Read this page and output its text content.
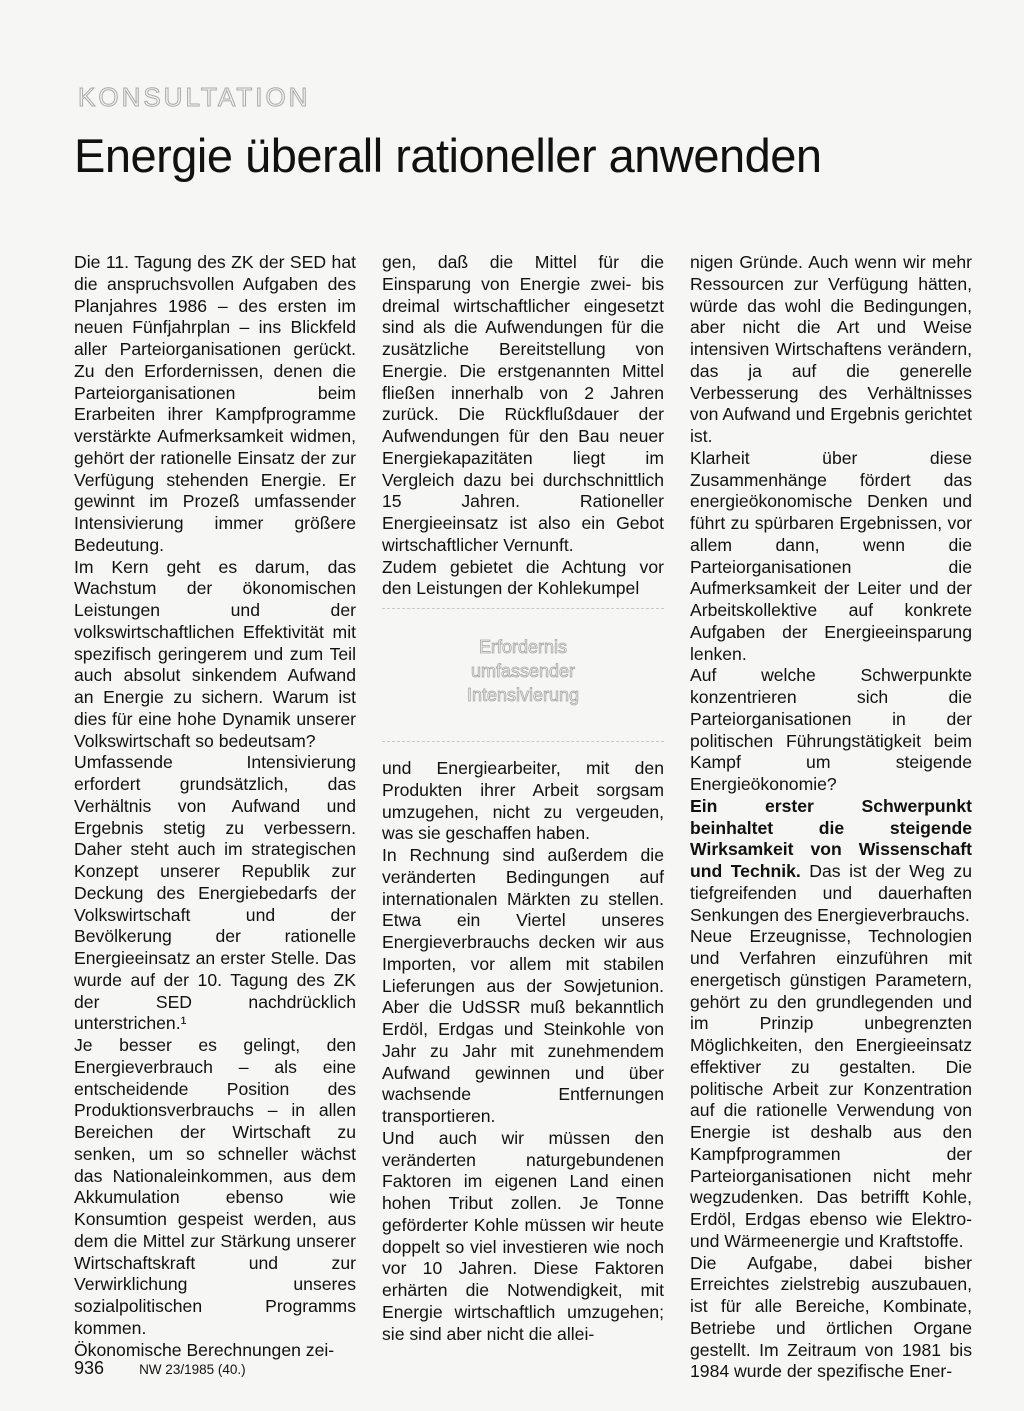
KONSULTATION
Energie überall rationeller anwenden

Die 11. Tagung des ZK der SED hat die anspruchsvollen Aufgaben des Planjahres 1986 – des ersten im neuen Fünfjahrplan – ins Blickfeld aller Parteiorganisationen gerückt. Zu den Erfordernissen, denen die Parteiorganisationen beim Erarbeiten ihrer Kampfprogramme verstärkte Aufmerksamkeit widmen, gehört der rationelle Einsatz der zur Verfügung stehenden Energie. Er gewinnt im Prozeß umfassender Intensivierung immer größere Bedeutung.

Im Kern geht es darum, das Wachstum der ökonomischen Leistungen und der volkswirtschaftlichen Effektivität mit spezifisch geringerem und zum Teil auch absolut sinkendem Aufwand an Energie zu sichern. Warum ist dies für eine hohe Dynamik unserer Volkswirtschaft so bedeutsam?

Umfassende Intensivierung erfordert grundsätzlich, das Verhältnis von Aufwand und Ergebnis stetig zu verbessern. Daher steht auch im strategischen Konzept unserer Republik zur Deckung des Energiebedarfs der Volkswirtschaft und der Bevölkerung der rationelle Energieeinsatz an erster Stelle. Das wurde auf der 10. Tagung des ZK der SED nachdrücklich unterstrichen.¹

Je besser es gelingt, den Energieverbrauch – als eine entscheidende Position des Produktionsverbrauchs – in allen Bereichen der Wirtschaft zu senken, um so schneller wächst das Nationaleinkommen, aus dem Akkumulation ebenso wie Konsumtion gespeist werden, aus dem die Mittel zur Stärkung unserer Wirtschaftskraft und zur Verwirklichung unseres sozialpolitischen Programms kommen.

Ökonomische Berechnungen zei-

gen, daß die Mittel für die Einsparung von Energie zwei- bis dreimal wirtschaftlicher eingesetzt sind als die Aufwendungen für die zusätzliche Bereitstellung von Energie. Die erstgenannten Mittel fließen innerhalb von 2 Jahren zurück. Die Rückflußdauer der Aufwendungen für den Bau neuer Energiekapazitäten liegt im Vergleich dazu bei durchschnittlich 15 Jahren. Rationeller Energieeinsatz ist also ein Gebot wirtschaftlicher Vernunft.

Zudem gebietet die Achtung vor den Leistungen der Kohlekumpel

Erfordernis
umfassender
Intensivierung

und Energiearbeiter, mit den Produkten ihrer Arbeit sorgsam umzugehen, nicht zu vergeuden, was sie geschaffen haben.

In Rechnung sind außerdem die veränderten Bedingungen auf internationalen Märkten zu stellen. Etwa ein Viertel unseres Energieverbrauchs decken wir aus Importen, vor allem mit stabilen Lieferungen aus der Sowjetunion. Aber die UdSSR muß bekanntlich Erdöl, Erdgas und Steinkohle von Jahr zu Jahr mit zunehmendem Aufwand gewinnen und über wachsende Entfernungen transportieren.

Und auch wir müssen den veränderten naturgebundenen Faktoren im eigenen Land einen hohen Tribut zollen. Je Tonne geförderter Kohle müssen wir heute doppelt so viel investieren wie noch vor 10 Jahren. Diese Faktoren erhärten die Notwendigkeit, mit Energie wirtschaftlich umzugehen; sie sind aber nicht die allei-

nigen Gründe. Auch wenn wir mehr Ressourcen zur Verfügung hätten, würde das wohl die Bedingungen, aber nicht die Art und Weise intensiven Wirtschaftens verändern, das ja auf die generelle Verbesserung des Verhältnisses von Aufwand und Ergebnis gerichtet ist.

Klarheit über diese Zusammenhänge fördert das energieökonomische Denken und führt zu spürbaren Ergebnissen, vor allem dann, wenn die Parteiorganisationen die Aufmerksamkeit der Leiter und der Arbeitskollektive auf konkrete Aufgaben der Energieeinsparung lenken.

Auf welche Schwerpunkte konzentrieren sich die Parteiorganisationen in der politischen Führungstätigkeit beim Kampf um steigende Energieökonomie?

Ein erster Schwerpunkt beinhaltet die steigende Wirksamkeit von Wissenschaft und Technik. Das ist der Weg zu tiefgreifenden und dauerhaften Senkungen des Energieverbrauchs.

Neue Erzeugnisse, Technologien und Verfahren einzuführen mit energetisch günstigen Parametern, gehört zu den grundlegenden und im Prinzip unbegrenzten Möglichkeiten, den Energieeinsatz effektiver zu gestalten. Die politische Arbeit zur Konzentration auf die rationelle Verwendung von Energie ist deshalb aus den Kampfprogrammen der Parteiorganisationen nicht mehr wegzudenken. Das betrifft Kohle, Erdöl, Erdgas ebenso wie Elektro- und Wärmeenergie und Kraftstoffe.

Die Aufgabe, dabei bisher Erreichtes zielstrebig auszubauen, ist für alle Bereiche, Kombinate, Betriebe und örtlichen Organe gestellt. Im Zeitraum von 1981 bis 1984 wurde der spezifische Ener-

936	NW 23/1985 (40.)
